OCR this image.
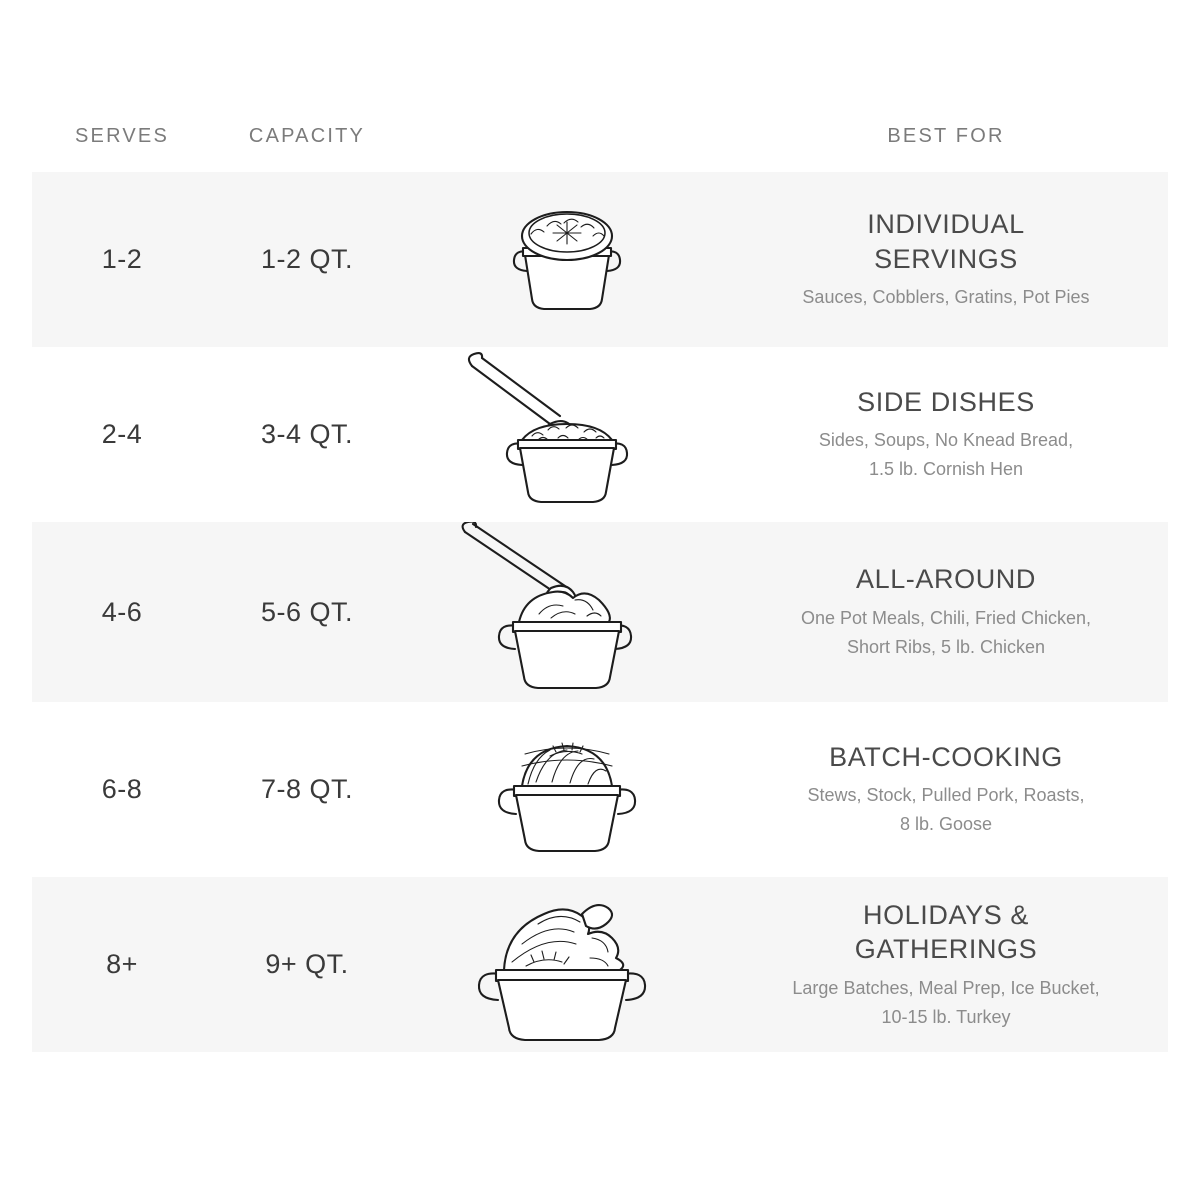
SERVES	CAPACITY	BEST FOR
1-2	1-2 QT.
INDIVIDUAL
SERVINGS
Sauces, Cobblers, Gratins, Pot Pies
2-4	3-4 QT.
SIDE DISHES
Sides, Soups, No Knead Bread,
1.5 lb. Cornish Hen
4-6	5-6 QT.
ALL-AROUND
One Pot Meals, Chili, Fried Chicken,
Short Ribs, 5 lb. Chicken
6-8	7-8 QT.
BATCH-COOKING
Stews, Stock, Pulled Pork, Roasts,
8 lb. Goose
8+	9+ QT.
HOLIDAYS &
GATHERINGS
Large Batches, Meal Prep, Ice Bucket,
10-15 lb. Turkey
